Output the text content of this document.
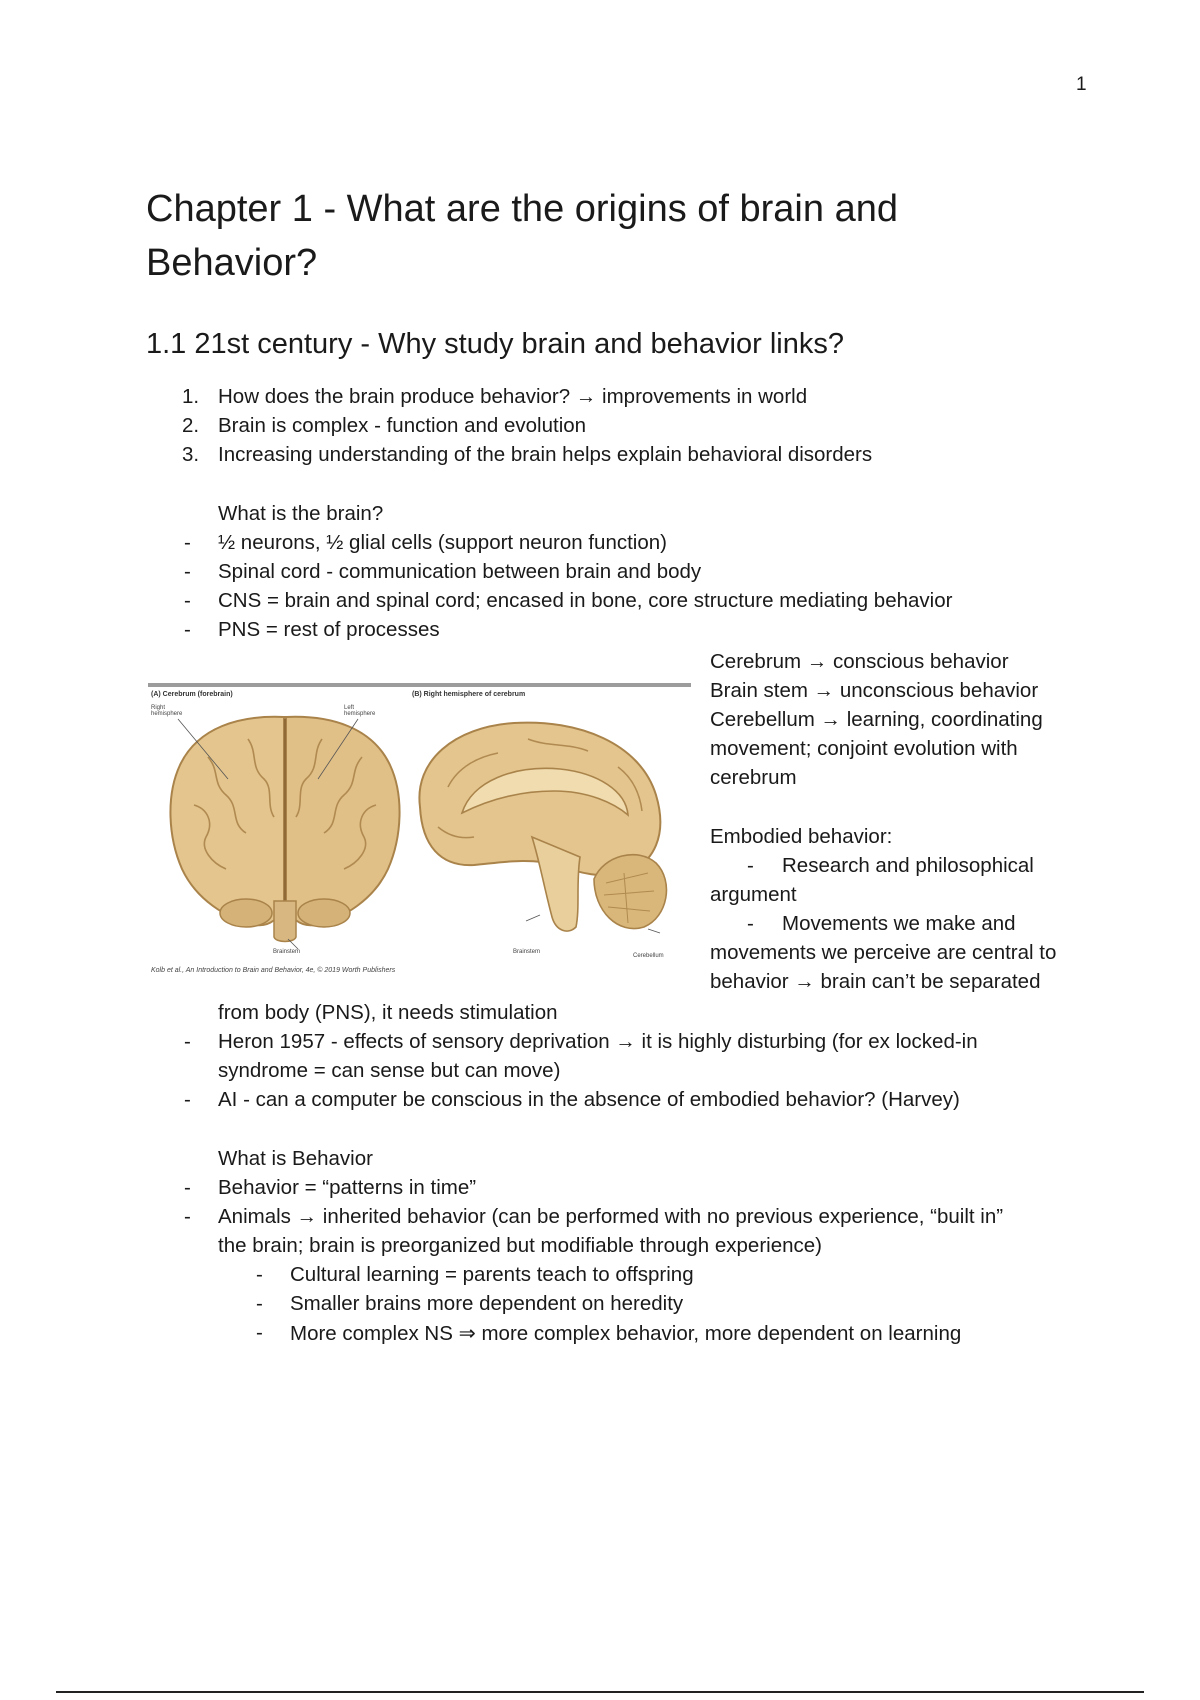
1
Chapter 1 - What are the origins of brain and Behavior?
1.1 21st century - Why study brain and behavior links?
1. How does the brain produce behavior? → improvements in world
2. Brain is complex - function and evolution
3. Increasing understanding of the brain helps explain behavioral disorders
What is the brain?
- ½ neurons, ½ glial cells (support neuron function)
- Spinal cord - communication between brain and body
- CNS = brain and spinal cord; encased in bone, core structure mediating behavior
- PNS = rest of processes
Cerebrum → conscious behavior
Brain stem → unconscious behavior
Cerebellum → learning, coordinating
movement; conjoint evolution with
cerebrum
Embodied behavior:
- Research and philosophical
argument
- Movements we make and
movements we perceive are central to
behavior → brain can’t be separated
(A) Cerebrum (forebrain)	(B) Right hemisphere of cerebrum
Right hemisphere
Left hemisphere
Brainstem	Brainstem
Cerebellum
Kolb et al., An Introduction to Brain and Behavior, 4e, © 2019 Worth Publishers
from body (PNS), it needs stimulation
- Heron 1957 - effects of sensory deprivation → it is highly disturbing (for ex locked-in
syndrome = can sense but can move)
- AI - can a computer be conscious in the absence of embodied behavior? (Harvey)
What is Behavior
- Behavior = “patterns in time”
- Animals → inherited behavior (can be performed with no previous experience, “built in”
the brain; brain is preorganized but modifiable through experience)
- Cultural learning = parents teach to offspring
- Smaller brains more dependent on heredity
- More complex NS ⇒ more complex behavior, more dependent on learning
